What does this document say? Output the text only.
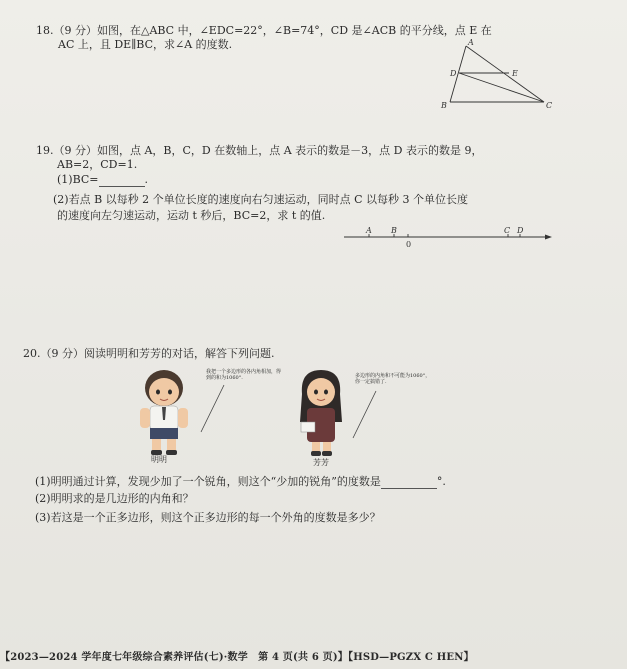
18.（9 分）如图，在△ABC 中，∠EDC=22°，∠B=74°，CD 是∠ACB 的平分线，点 E 在
AC 上，且 DE∥BC，求∠A 的度数.	A
D	E
B	C
19.（9 分）如图，点 A，B，C，D 在数轴上，点 A 表示的数是－3，点 D 表示的数是 9，
AB=2，CD=1.
(1)BC=	.
(2)若点 B 以每秒 2 个单位长度的速度向右匀速运动，同时点 C 以每秒 3 个单位长度
的速度向左匀速运动，运动 t 秒后，BC=2，求 t 的值.
A B	C D
0
20.（9 分）阅读明明和芳芳的对话，解答下列问题.
我把一个多边形的各内角相加，得到的和为1060°.
明明
多边形的内角和不可能为1060°，你一定搞错了.
芳芳
(1)明明通过计算，发现少加了一个锐角，则这个“少加的锐角”的度数是	°.
(2)明明求的是几边形的内角和？
(3)若这是一个正多边形，则这个正多边形的每一个外角的度数是多少？
【2023—2024 学年度七年级综合素养评估(七)·数学　第 4 页(共 6 页)】【HSD—PGZX C HEN】
